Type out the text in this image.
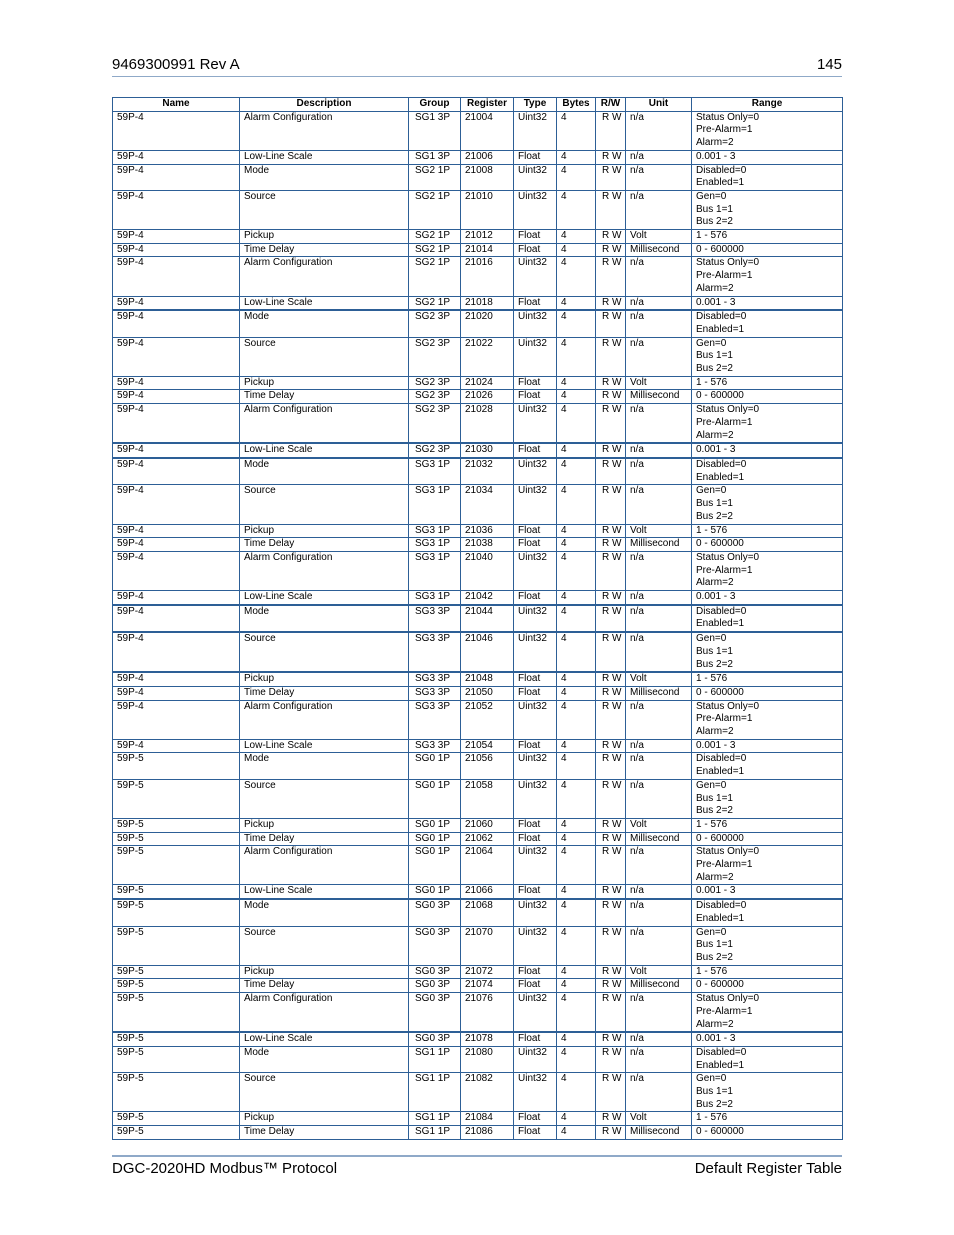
9469300991 Rev A	145
Name	Description	Group	Register	Type	Bytes	R/W	Unit	Range
59P-4	Alarm Configuration	SG1 3P	21004	Uint32	4	R W	n/a	Status Only=0
Pre-Alarm=1
Alarm=2
59P-4	Low-Line Scale	SG1 3P	21006	Float	4	R W	n/a	0.001 - 3
59P-4	Mode	SG2 1P	21008	Uint32	4	R W	n/a	Disabled=0
Enabled=1
59P-4	Source	SG2 1P	21010	Uint32	4	R W	n/a	Gen=0
Bus 1=1
Bus 2=2
59P-4	Pickup	SG2 1P	21012	Float	4	R W	Volt	1 - 576
59P-4	Time Delay	SG2 1P	21014	Float	4	R W	Millisecond	0 - 600000
59P-4	Alarm Configuration	SG2 1P	21016	Uint32	4	R W	n/a	Status Only=0
Pre-Alarm=1
Alarm=2
59P-4	Low-Line Scale	SG2 1P	21018	Float	4	R W	n/a	0.001 - 3
59P-4	Mode	SG2 3P	21020	Uint32	4	R W	n/a	Disabled=0
Enabled=1
59P-4	Source	SG2 3P	21022	Uint32	4	R W	n/a	Gen=0
Bus 1=1
Bus 2=2
59P-4	Pickup	SG2 3P	21024	Float	4	R W	Volt	1 - 576
59P-4	Time Delay	SG2 3P	21026	Float	4	R W	Millisecond	0 - 600000
59P-4	Alarm Configuration	SG2 3P	21028	Uint32	4	R W	n/a	Status Only=0
Pre-Alarm=1
Alarm=2
59P-4	Low-Line Scale	SG2 3P	21030	Float	4	R W	n/a	0.001 - 3
59P-4	Mode	SG3 1P	21032	Uint32	4	R W	n/a	Disabled=0
Enabled=1
59P-4	Source	SG3 1P	21034	Uint32	4	R W	n/a	Gen=0
Bus 1=1
Bus 2=2
59P-4	Pickup	SG3 1P	21036	Float	4	R W	Volt	1 - 576
59P-4	Time Delay	SG3 1P	21038	Float	4	R W	Millisecond	0 - 600000
59P-4	Alarm Configuration	SG3 1P	21040	Uint32	4	R W	n/a	Status Only=0
Pre-Alarm=1
Alarm=2
59P-4	Low-Line Scale	SG3 1P	21042	Float	4	R W	n/a	0.001 - 3
59P-4	Mode	SG3 3P	21044	Uint32	4	R W	n/a	Disabled=0
Enabled=1
59P-4	Source	SG3 3P	21046	Uint32	4	R W	n/a	Gen=0
Bus 1=1
Bus 2=2
59P-4	Pickup	SG3 3P	21048	Float	4	R W	Volt	1 - 576
59P-4	Time Delay	SG3 3P	21050	Float	4	R W	Millisecond	0 - 600000
59P-4	Alarm Configuration	SG3 3P	21052	Uint32	4	R W	n/a	Status Only=0
Pre-Alarm=1
Alarm=2
59P-4	Low-Line Scale	SG3 3P	21054	Float	4	R W	n/a	0.001 - 3
59P-5	Mode	SG0 1P	21056	Uint32	4	R W	n/a	Disabled=0
Enabled=1
59P-5	Source	SG0 1P	21058	Uint32	4	R W	n/a	Gen=0
Bus 1=1
Bus 2=2
59P-5	Pickup	SG0 1P	21060	Float	4	R W	Volt	1 - 576
59P-5	Time Delay	SG0 1P	21062	Float	4	R W	Millisecond	0 - 600000
59P-5	Alarm Configuration	SG0 1P	21064	Uint32	4	R W	n/a	Status Only=0
Pre-Alarm=1
Alarm=2
59P-5	Low-Line Scale	SG0 1P	21066	Float	4	R W	n/a	0.001 - 3
59P-5	Mode	SG0 3P	21068	Uint32	4	R W	n/a	Disabled=0
Enabled=1
59P-5	Source	SG0 3P	21070	Uint32	4	R W	n/a	Gen=0
Bus 1=1
Bus 2=2
59P-5	Pickup	SG0 3P	21072	Float	4	R W	Volt	1 - 576
59P-5	Time Delay	SG0 3P	21074	Float	4	R W	Millisecond	0 - 600000
59P-5	Alarm Configuration	SG0 3P	21076	Uint32	4	R W	n/a	Status Only=0
Pre-Alarm=1
Alarm=2
59P-5	Low-Line Scale	SG0 3P	21078	Float	4	R W	n/a	0.001 - 3
59P-5	Mode	SG1 1P	21080	Uint32	4	R W	n/a	Disabled=0
Enabled=1
59P-5	Source	SG1 1P	21082	Uint32	4	R W	n/a	Gen=0
Bus 1=1
Bus 2=2
59P-5	Pickup	SG1 1P	21084	Float	4	R W	Volt	1 - 576
59P-5	Time Delay	SG1 1P	21086	Float	4	R W	Millisecond	0 - 600000
DGC-2020HD Modbus™ Protocol	Default Register Table
